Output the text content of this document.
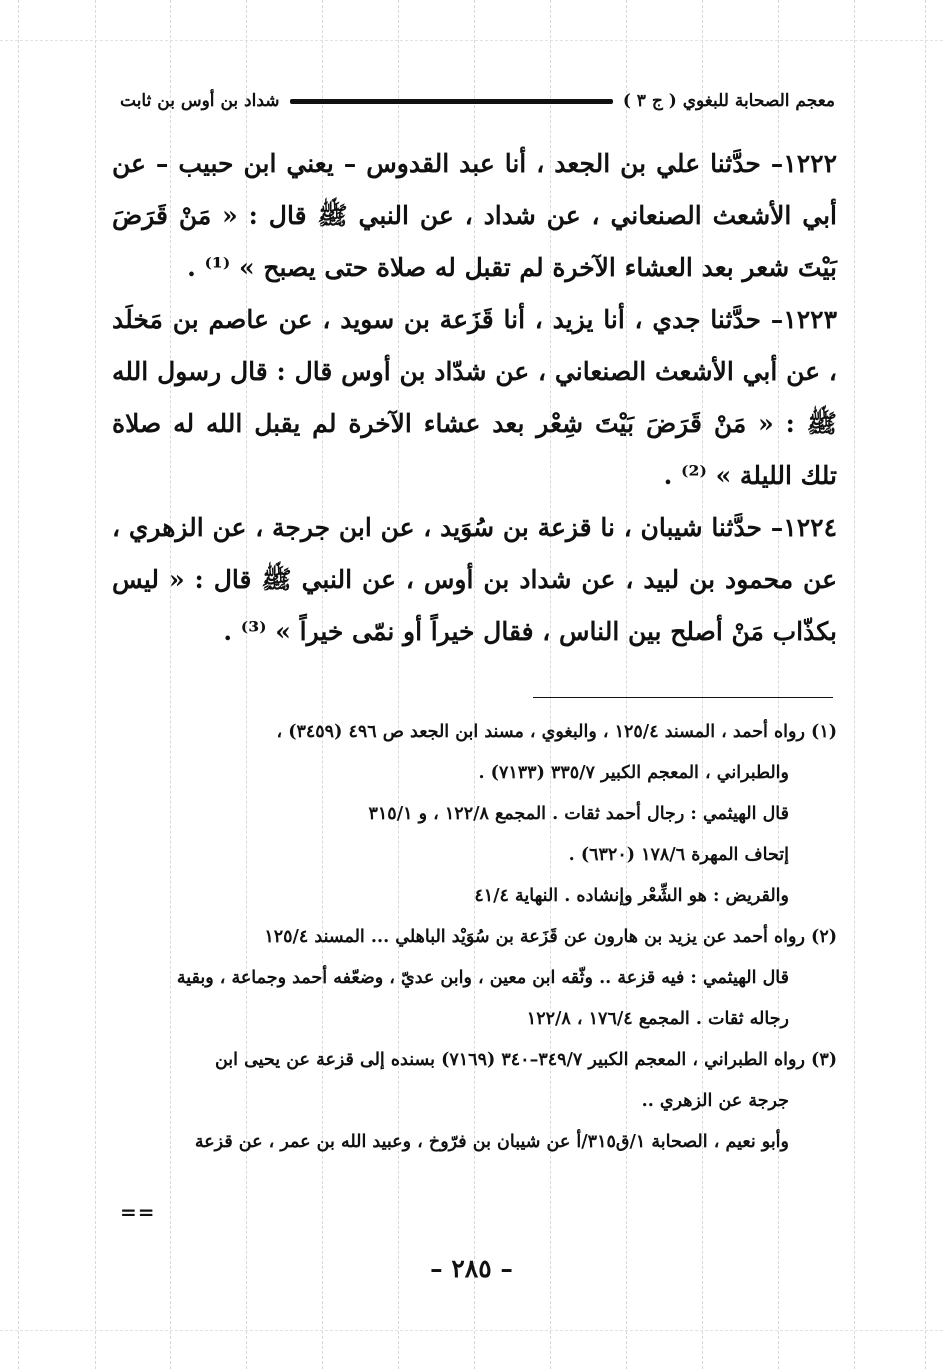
معجم الصحابة للبغوي ( ج ٣ )
شداد بن أوس بن ثابت

١٢٢٢– حدَّثنا علي بن الجعد ، أنا عبد القدوس – يعني ابن حبيب – عن أبي الأشعث الصنعاني ، عن شداد ، عن النبي ﷺ قال : « مَنْ قَرَضَ بَيْتَ شعر بعد العشاء الآخرة لم تقبل له صلاة حتى يصبح » ⁽¹⁾ .

١٢٢٣– حدَّثنا جدي ، أنا يزيد ، أنا قَزَعة بن سويد ، عن عاصم بن مَخلَد ، عن أبي الأشعث الصنعاني ، عن شدّاد بن أوس قال : قال رسول الله ﷺ : « مَنْ قَرَضَ بَيْتَ شِعْر بعد عشاء الآخرة لم يقبل الله له صلاة تلك الليلة » ⁽²⁾ .

١٢٢٤– حدَّثنا شيبان ، نا قزعة بن سُوَيد ، عن ابن جرجة ، عن الزهري ، عن محمود بن لبيد ، عن شداد بن أوس ، عن النبي ﷺ قال : « ليس بكذّاب مَنْ أصلح بين الناس ، فقال خيراً أو نمّى خيراً » ⁽³⁾ .

(١) رواه أحمد ، المسند ١٢٥/٤ ، والبغوي ، مسند ابن الجعد ص ٤٩٦ (٣٤٥٩) ،

والطبراني ، المعجم الكبير ٣٣٥/٧ (٧١٣٣) .

قال الهيثمي : رجال أحمد ثقات . المجمع ١٢٢/٨ ، و ٣١٥/١

إتحاف المهرة ١٧٨/٦ (٦٣٢٠) .

والقريض : هو الشِّعْر وإنشاده . النهاية ٤١/٤

(٢) رواه أحمد عن يزيد بن هارون عن قَزَعة بن سُوَيْد الباهلي ... المسند ١٢٥/٤

قال الهيثمي : فيه قزعة .. وثّقه ابن معين ، وابن عديّ ، وضعّفه أحمد وجماعة ، وبقية

رجاله ثقات . المجمع ١٧٦/٤ ، ١٢٢/٨

(٣) رواه الطبراني ، المعجم الكبير ٣٤٩/٧–٣٤٠ (٧١٦٩) بسنده إلى قزعة عن يحيى ابن

جرجة عن الزهري ..

وأبو نعيم ، الصحابة ١/ق٣١٥/أ عن شيبان بن فرّوخ ، وعبيد الله بن عمر ، عن قزعة

==
– ٢٨٥ –
